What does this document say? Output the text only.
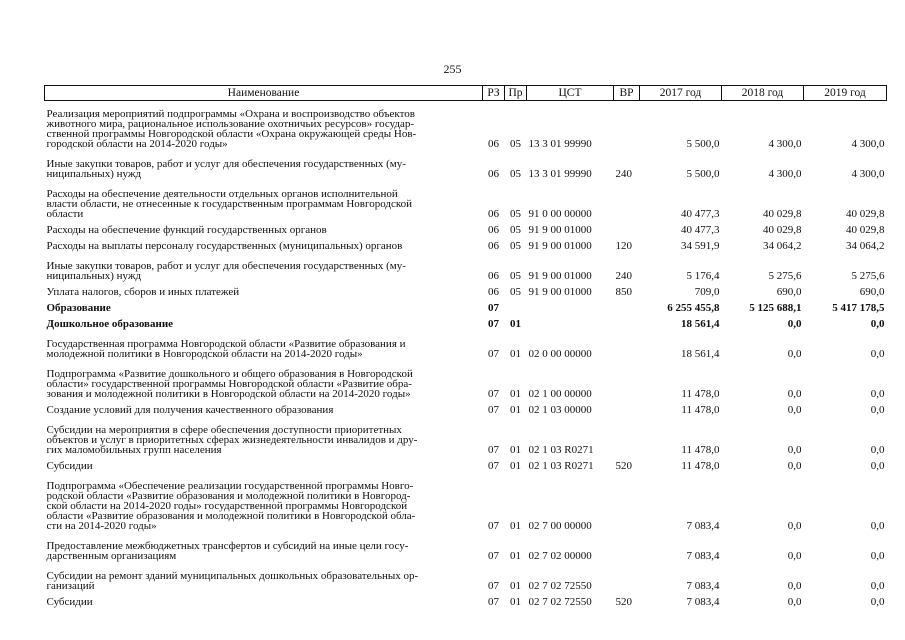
255
Наименование	РЗ	Пр	ЦСТ	ВР	2017 год	2018 год	2019 год

Реализация мероприятий подпрограммы «Охрана и воспроизводство объектов
животного мира, рациональное использование охотничьих ресурсов» государ-
ственной программы Новгородской области «Охрана окружающей среды Нов-
городской области на 2014-2020 годы»	06	05	13 3 01 99990		5 500,0	4 300,0	4 300,0

Иные закупки товаров, работ и услуг для обеспечения государственных (му-
ниципальных) нужд	06	05	13 3 01 99990	240	5 500,0	4 300,0	4 300,0

Расходы на обеспечение деятельности отдельных органов исполнительной
власти области, не отнесенные к государственным программам Новгородской
области	06	05	91 0 00 00000		40 477,3	40 029,8	40 029,8

Расходы на обеспечение функций государственных органов	06	05	91 9 00 01000		40 477,3	40 029,8	40 029,8

Расходы на выплаты персоналу государственных (муниципальных) органов	06	05	91 9 00 01000	120	34 591,9	34 064,2	34 064,2

Иные закупки товаров, работ и услуг для обеспечения государственных (му-
ниципальных) нужд	06	05	91 9 00 01000	240	5 176,4	5 275,6	5 275,6

Уплата налогов, сборов и иных платежей	06	05	91 9 00 01000	850	709,0	690,0	690,0

Образование	07				6 255 455,8	5 125 688,1	5 417 178,5

Дошкольное образование	07	01			18 561,4	0,0	0,0

Государственная программа Новгородской области «Развитие образования и
молодежной политики в Новгородской области на 2014-2020 годы»	07	01	02 0 00 00000		18 561,4	0,0	0,0

Подпрограмма «Развитие дошкольного и общего образования в Новгородской
области» государственной программы Новгородской области «Развитие обра-
зования и молодежной политики в Новгородской области на 2014-2020 годы»	07	01	02 1 00 00000		11 478,0	0,0	0,0

Создание условий для получения качественного образования	07	01	02 1 03 00000		11 478,0	0,0	0,0

Субсидии на мероприятия в сфере обеспечения доступности приоритетных
объектов и услуг в приоритетных сферах жизнедеятельности инвалидов и дру-
гих маломобильных групп населения	07	01	02 1 03 R0271		11 478,0	0,0	0,0

Субсидии	07	01	02 1 03 R0271	520	11 478,0	0,0	0,0

Подпрограмма «Обеспечение реализации государственной программы Новго-
родской области «Развитие образования и молодежной политики в Новгород-
ской области на 2014-2020 годы» государственной программы Новгородской
области «Развитие образования и молодежной политики в Новгородской обла-
сти на 2014-2020 годы»	07	01	02 7 00 00000		7 083,4	0,0	0,0

Предоставление межбюджетных трансфертов и субсидий на иные цели госу-
дарственным организациям	07	01	02 7 02 00000		7 083,4	0,0	0,0

Субсидии на ремонт зданий муниципальных дошкольных образовательных ор-
ганизаций	07	01	02 7 02 72550		7 083,4	0,0	0,0

Субсидии	07	01	02 7 02 72550	520	7 083,4	0,0	0,0
